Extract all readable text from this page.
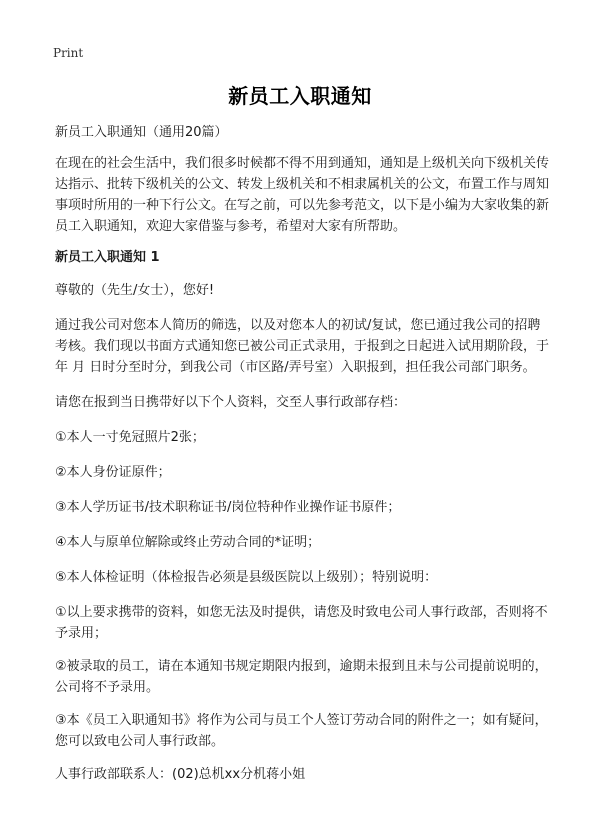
Print
新员工入职通知

新员工入职通知（通用20篇）

在现在的社会生活中，我们很多时候都不得不用到通知，通知是上级机关向下级机关传达指示、批转下级机关的公文、转发上级机关和不相隶属机关的公文，布置工作与周知事项时所用的一种下行公文。在写之前，可以先参考范文，以下是小编为大家收集的新员工入职通知，欢迎大家借鉴与参考，希望对大家有所帮助。

新员工入职通知 1

尊敬的（先生/女士），您好!

通过我公司对您本人简历的筛选，以及对您本人的初试/复试，您已通过我公司的招聘考核。我们现以书面方式通知您已被公司正式录用，于报到之日起进入试用期阶段，于 年 月 日时分至时分，到我公司（市区路/弄号室）入职报到，担任我公司部门职务。

请您在报到当日携带好以下个人资料，交至人事行政部存档：

①本人一寸免冠照片2张；

②本人身份证原件；

③本人学历证书/技术职称证书/岗位特种作业操作证书原件；

④本人与原单位解除或终止劳动合同的*证明；

⑤本人体检证明（体检报告必须是县级医院以上级别）；特别说明：

①以上要求携带的资料，如您无法及时提供，请您及时致电公司人事行政部，否则将不予录用；

②被录取的员工，请在本通知书规定期限内报到，逾期未报到且未与公司提前说明的，公司将不予录用。

③本《员工入职通知书》将作为公司与员工个人签订劳动合同的附件之一；如有疑问，您可以致电公司人事行政部。

人事行政部联系人：(02)总机xx分机蒋小姐
